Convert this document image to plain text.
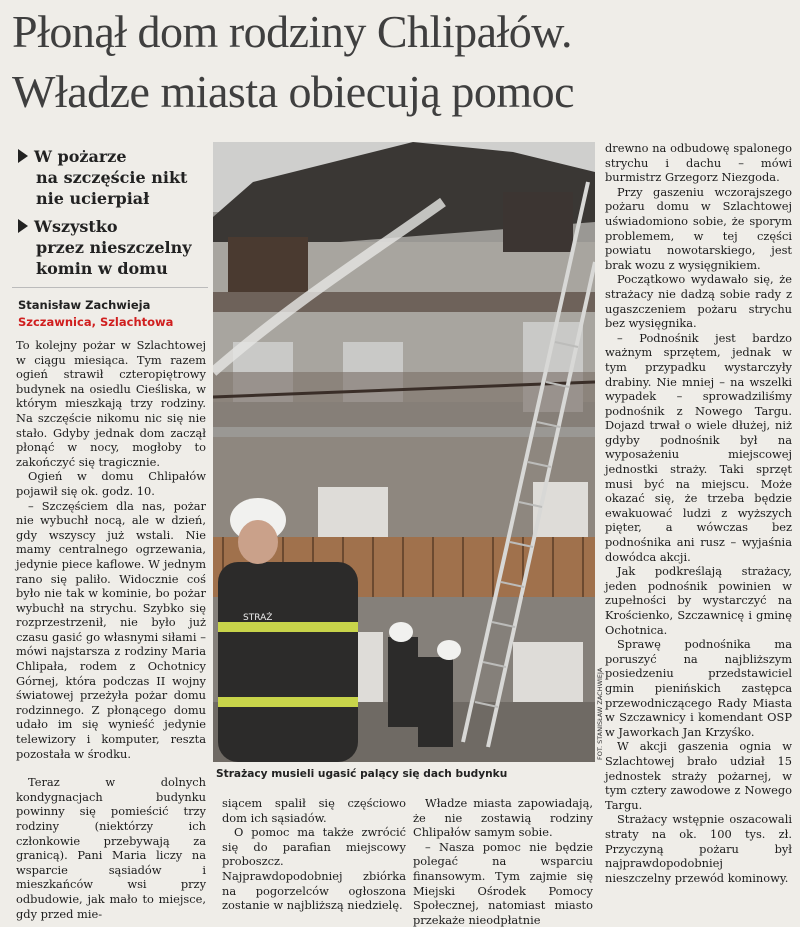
Płonął dom rodziny Chlipałów.
Władze miasta obiecują pomoc
W pożarze
na szczęście nikt
nie ucierpiał
Wszystko
przez nieszczelny
komin w domu
Stanisław Zachwieja
Szczawnica, Szlachtowa

To kolejny pożar w Szlachtowej w ciągu miesiąca. Tym razem ogień strawił czteropiętrowy budynek na osiedlu Cieśliska, w którym mieszkają trzy rodziny. Na szczęście nikomu nic się nie stało. Gdyby jednak dom zaczął płonąć w nocy, mogłoby to zakończyć się tragicznie.

Ogień w domu Chlipałów pojawił się ok. godz. 10.

– Szczęściem dla nas, pożar nie wybuchł nocą, ale w dzień, gdy wszyscy już wstali. Nie mamy centralnego ogrzewania, jedynie piece kaflowe. W jednym rano się paliło. Widocznie coś było nie tak w kominie, bo pożar wybuchł na strychu. Szybko się rozprzestrzenił, nie było już czasu gasić go własnymi siłami – mówi najstarsza z rodziny Maria Chlipała, rodem z Ochotnicy Górnej, która podczas II wojny światowej przeżyła pożar domu rodzinnego. Z płonącego domu udało im się wynieść jedynie telewizory i komputer, reszta pozostała w środku.

Teraz w dolnych kondygnacjach budynku powinny się pomieścić trzy rodziny (niektórzy ich członkowie przebywają za granicą). Pani Maria liczy na wsparcie sąsiadów i mieszkańców wsi przy odbudowie, jak mało to miejsce, gdy przed mie-

STRAŻ
FOT. STANISŁAW ZACHWIEJA
Strażacy musieli ugasić palący się dach budynku

siącem spalił się częściowo dom ich sąsiadów.

O pomoc ma także zwrócić się do parafian miejscowy proboszcz. Najprawdopodobniej zbiórka na pogorzelców ogłoszona zostanie w najbliższą niedzielę.

Władze miasta zapowiadają, że nie zostawią rodziny Chlipałów samym sobie.

– Nasza pomoc nie będzie polegać na wsparciu finansowym. Tym zajmie się Miejski Ośrodek Pomocy Społecznej, natomiast miasto przekaże nieodpłatnie

drewno na odbudowę spalonego strychu i dachu – mówi burmistrz Grzegorz Niezgoda.

Przy gaszeniu wczorajszego pożaru domu w Szlachtowej uświadomiono sobie, że sporym problemem, w tej części powiatu nowotarskiego, jest brak wozu z wysięgnikiem.

Początkowo wydawało się, że strażacy nie dadzą sobie rady z ugaszczeniem pożaru strychu bez wysięgnika.

– Podnośnik jest bardzo ważnym sprzętem, jednak w tym przypadku wystarczyły drabiny. Nie mniej – na wszelki wypadek – sprowadziliśmy podnośnik z Nowego Targu. Dojazd trwał o wiele dłużej, niż gdyby podnośnik był na wyposażeniu miejscowej jednostki straży. Taki sprzęt musi być na miejscu. Może okazać się, że trzeba będzie ewakuować ludzi z wyższych pięter, a wówczas bez podnośnika ani rusz – wyjaśnia dowódca akcji.

Jak podkreślają strażacy, jeden podnośnik powinien w zupełności by wystarczyć na Krościenko, Szczawnicę i gminę Ochotnica.

Sprawę podnośnika ma poruszyć na najbliższym posiedzeniu przedstawiciel gmin pienińskich zastępca przewodniczącego Rady Miasta w Szczawnicy i komendant OSP w Jaworkach Jan Krzyśko.

W akcji gaszenia ognia w Szlachtowej brało udział 15 jednostek straży pożarnej, w tym cztery zawodowe z Nowego Targu.

Strażacy wstępnie oszacowali straty na ok. 100 tys. zł. Przyczyną pożaru był najprawdopodobniej nieszczelny przewód kominowy.
